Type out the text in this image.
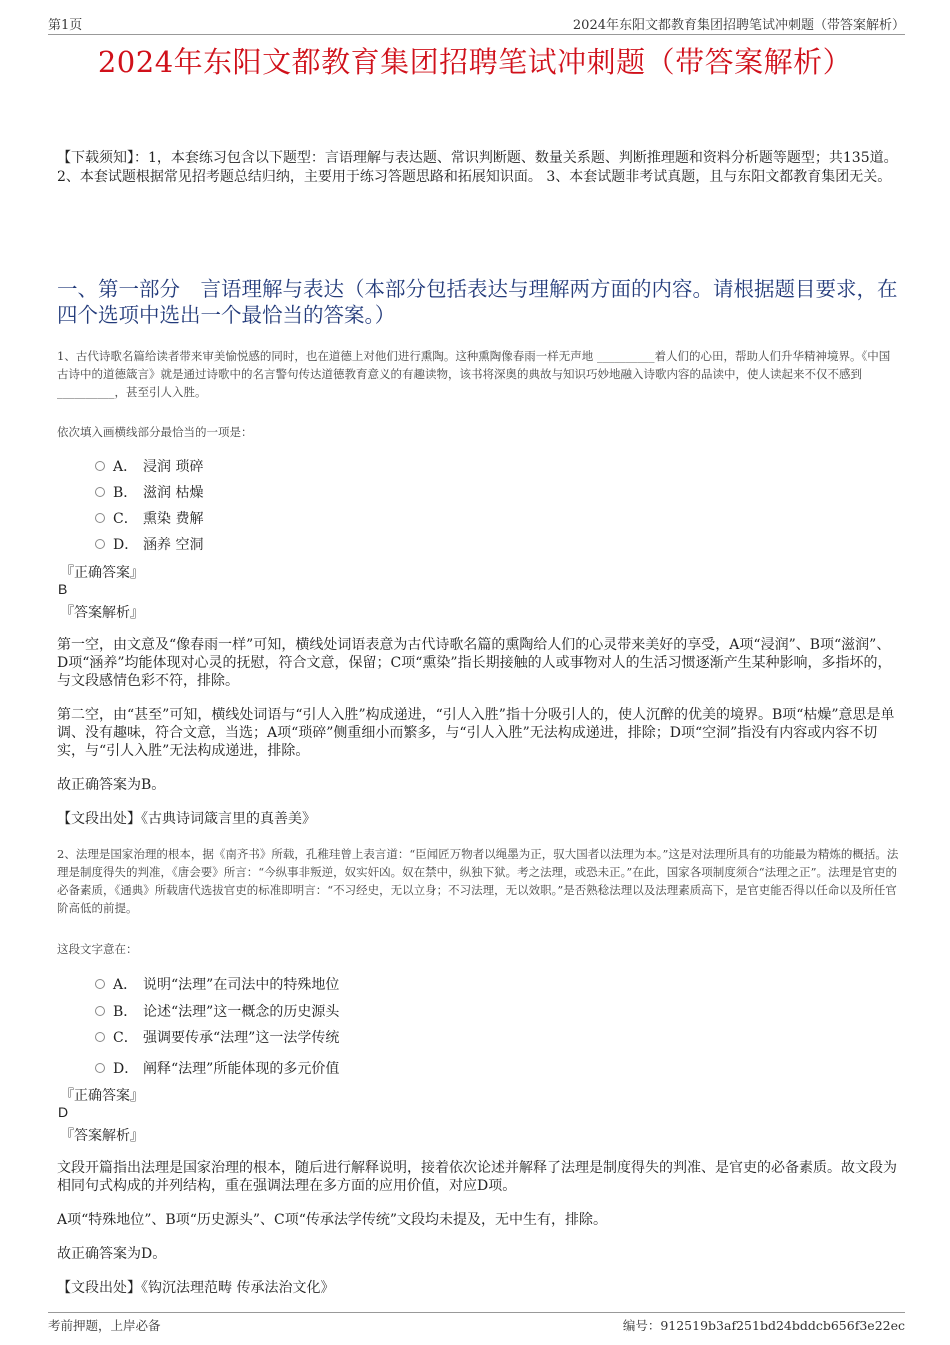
第1页	2024年东阳文都教育集团招聘笔试冲刺题（带答案解析）
2024年东阳文都教育集团招聘笔试冲刺题（带答案解析）
【下载须知】：1，本套练习包含以下题型：言语理解与表达题、常识判断题、数量关系题、判断推理题和资料分析题等题型；共135道。 2、本套试题根据常见招考题总结归纳，主要用于练习答题思路和拓展知识面。 3、本套试题非考试真题，且与东阳文都教育集团无关。
一、第一部分　言语理解与表达（本部分包括表达与理解两方面的内容。请根据题目要求，在四个选项中选出一个最恰当的答案。）
1、古代诗歌名篇给读者带来审美愉悦感的同时，也在道德上对他们进行熏陶。这种熏陶像春雨一样无声地 __________着人们的心田，帮助人们升华精神境界。《中国古诗中的道德箴言》就是通过诗歌中的名言警句传达道德教育意义的有趣读物，该书将深奥的典故与知识巧妙地融入诗歌内容的品读中，使人读起来不仅不感到 __________，甚至引人入胜。
依次填入画横线部分最恰当的一项是：
A． 浸润 琐碎
B． 滋润 枯燥
C． 熏染 费解
D． 涵养 空洞
『正确答案』
B
『答案解析』
第一空，由文意及“像春雨一样”可知，横线处词语表意为古代诗歌名篇的熏陶给人们的心灵带来美好的享受，A项“浸润”、B项“滋润”、D项“涵养”均能体现对心灵的抚慰，符合文意，保留；C项“熏染”指长期接触的人或事物对人的生活习惯逐渐产生某种影响，多指坏的，与文段感情色彩不符，排除。
第二空，由“甚至”可知，横线处词语与“引人入胜”构成递进，“引人入胜”指十分吸引人的，使人沉醉的优美的境界。B项“枯燥”意思是单调、没有趣味，符合文意，当选；A项“琐碎”侧重细小而繁多，与“引人入胜”无法构成递进，排除；D项“空洞”指没有内容或内容不切实，与“引人入胜”无法构成递进，排除。
故正确答案为B。
【文段出处】《古典诗词箴言里的真善美》
2、法理是国家治理的根本，据《南齐书》所载，孔稚珪曾上表言道：“臣闻匠万物者以绳墨为正，驭大国者以法理为本。”这是对法理所具有的功能最为精炼的概括。法理是制度得失的判准，《唐会要》所言：“今纵事非叛逆，奴实奸凶。奴在禁中，纵独下狱。考之法理，或恐未正。”在此，国家各项制度须合“法理之正”。法理是官吏的必备素质，《通典》所载唐代选拔官吏的标准即明言：“不习经史，无以立身；不习法理，无以效职。”是否熟稔法理以及法理素质高下，是官吏能否得以任命以及所任官阶高低的前提。
这段文字意在：
A． 说明“法理”在司法中的特殊地位
B． 论述“法理”这一概念的历史源头
C． 强调要传承“法理”这一法学传统
D． 阐释“法理”所能体现的多元价值
『正确答案』
D
『答案解析』
文段开篇指出法理是国家治理的根本，随后进行解释说明，接着依次论述并解释了法理是制度得失的判准、是官吏的必备素质。故文段为相同句式构成的并列结构，重在强调法理在多方面的应用价值，对应D项。
A项“特殊地位”、B项“历史源头”、C项“传承法学传统”文段均未提及，无中生有，排除。
故正确答案为D。
【文段出处】《钩沉法理范畴 传承法治文化》
考前押题，上岸必备	编号：912519b3af251bd24bddcb656f3e22ec
